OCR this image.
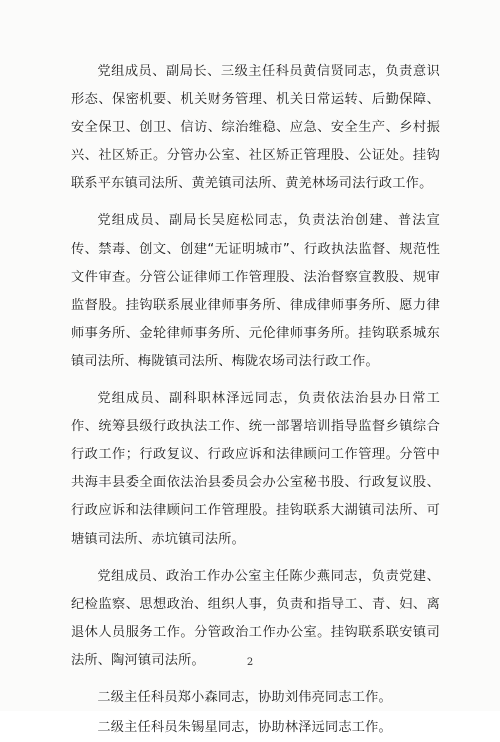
党组成员、副局长、三级主任科员黄信贤同志，负责意识形态、保密机要、机关财务管理、机关日常运转、后勤保障、安全保卫、创卫、信访、综治维稳、应急、安全生产、乡村振兴、社区矫正。分管办公室、社区矫正管理股、公证处。挂钩联系平东镇司法所、黄羌镇司法所、黄羌林场司法行政工作。

党组成员、副局长吴庭松同志，负责法治创建、普法宣传、禁毒、创文、创建“无证明城市”、行政执法监督、规范性文件审查。分管公证律师工作管理股、法治督察宣教股、规审监督股。挂钩联系展业律师事务所、律成律师事务所、愿力律师事务所、金轮律师事务所、元伦律师事务所。挂钩联系城东镇司法所、梅陇镇司法所、梅陇农场司法行政工作。

党组成员、副科职林泽远同志，负责依法治县办日常工作、统筹县级行政执法工作、统一部署培训指导监督乡镇综合行政工作；行政复议、行政应诉和法律顾问工作管理。分管中共海丰县委全面依法治县委员会办公室秘书股、行政复议股、行政应诉和法律顾问工作管理股。挂钩联系大湖镇司法所、可塘镇司法所、赤坑镇司法所。

党组成员、政治工作办公室主任陈少燕同志，负责党建、纪检监察、思想政治、组织人事，负责和指导工、青、妇、离退休人员服务工作。分管政治工作办公室。挂钩联系联安镇司法所、陶河镇司法所。

二级主任科员郑小森同志，协助刘伟亮同志工作。

二级主任科员朱锡星同志，协助林泽远同志工作。

2
